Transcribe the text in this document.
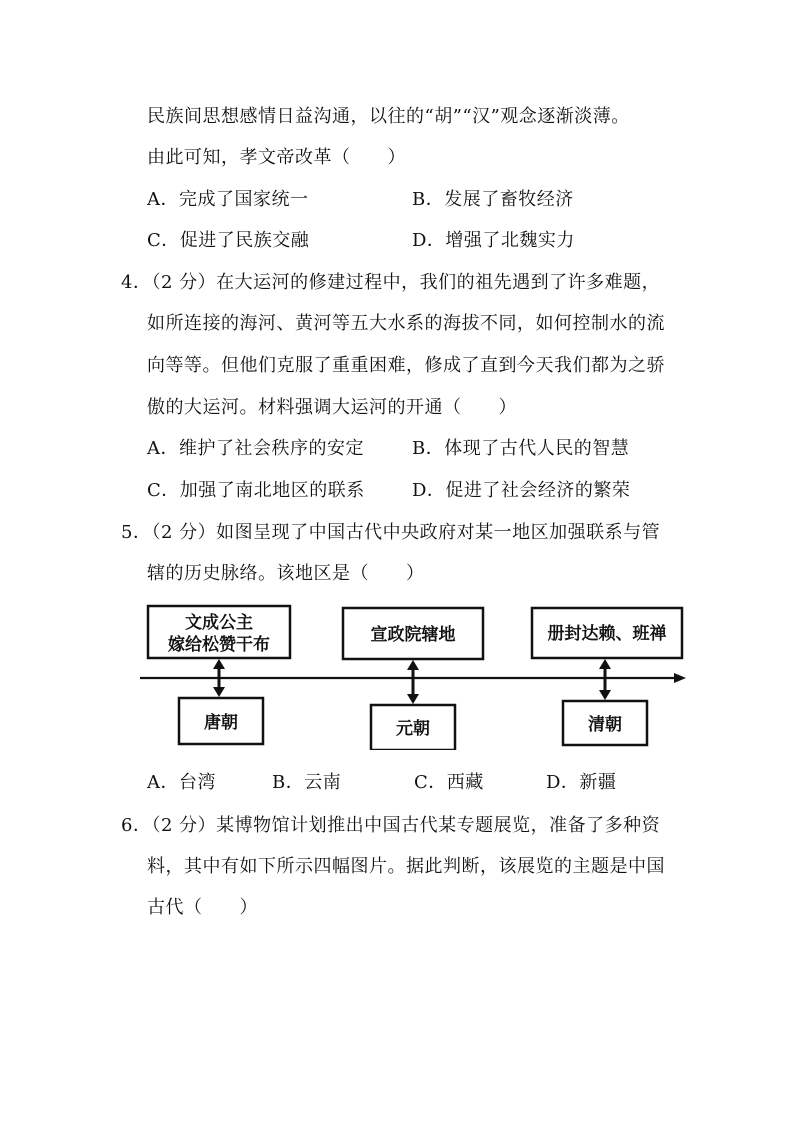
民族间思想感情日益沟通，以往的“胡”“汉”观念逐渐淡薄。
由此可知，孝文帝改革（　　）
A．完成了国家统一	B．发展了畜牧经济
C．促进了民族交融	D．增强了北魏实力
4．（2 分）在大运河的修建过程中，我们的祖先遇到了许多难题，
如所连接的海河、黄河等五大水系的海拔不同，如何控制水的流
向等等。但他们克服了重重困难，修成了直到今天我们都为之骄
傲的大运河。材料强调大运河的开通（　　）
A．维护了社会秩序的安定	B．体现了古代人民的智慧
C．加强了南北地区的联系	D．促进了社会经济的繁荣
5．（2 分）如图呈现了中国古代中央政府对某一地区加强联系与管
辖的历史脉络。该地区是（　　）
文成公主
嫁给松赞干布	宣政院辖地	册封达赖、班禅
唐朝	元朝	清朝
A．台湾	B．云南	C．西藏	D．新疆
6．（2 分）某博物馆计划推出中国古代某专题展览，准备了多种资
料，其中有如下所示四幅图片。据此判断，该展览的主题是中国
古代（　　）
